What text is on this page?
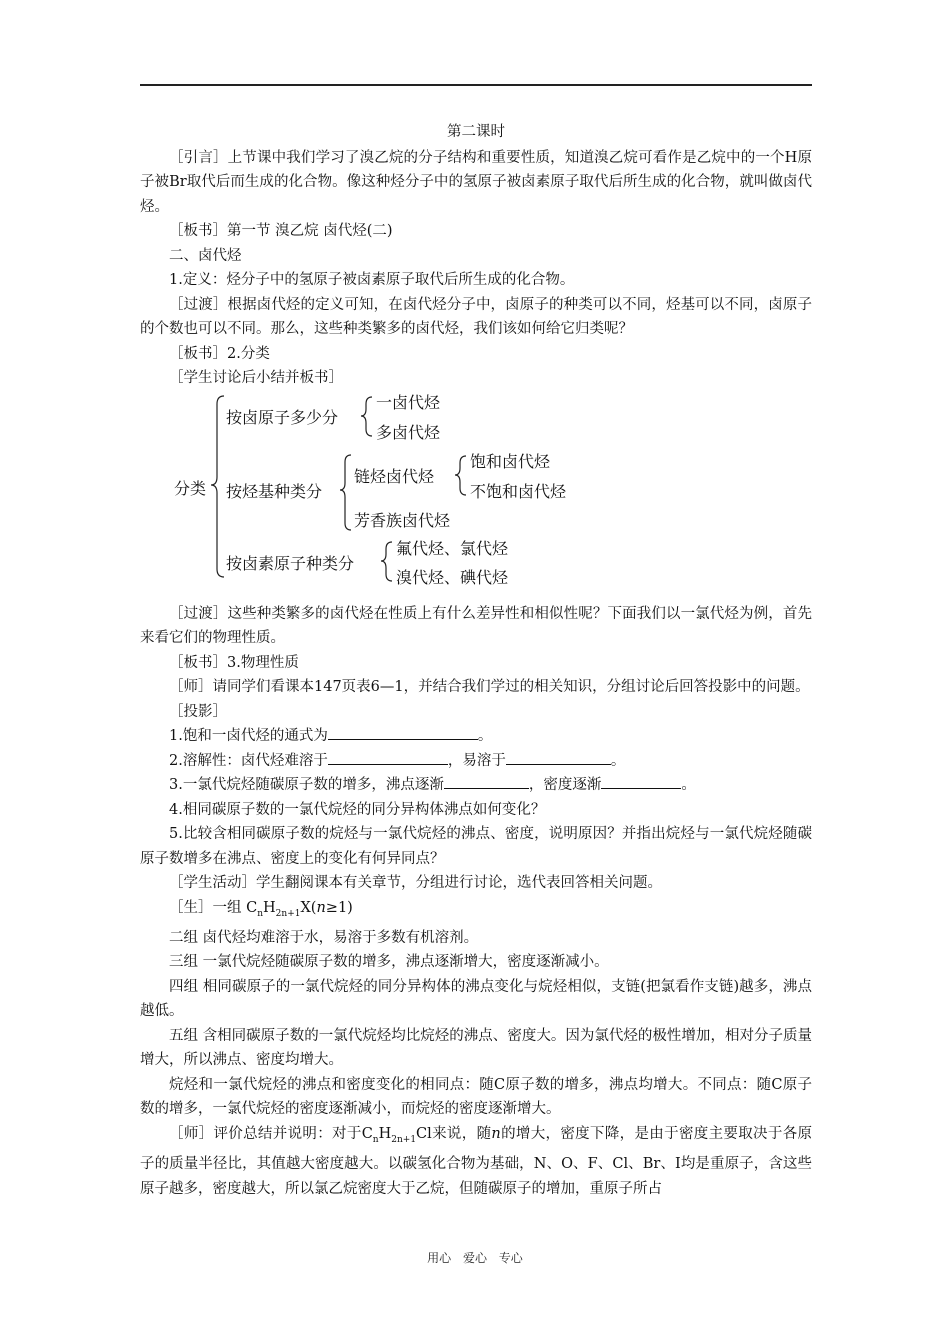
第二课时

［引言］上节课中我们学习了溴乙烷的分子结构和重要性质，知道溴乙烷可看作是乙烷中的一个H原子被Br取代后而生成的化合物。像这种烃分子中的氢原子被卤素原子取代后所生成的化合物，就叫做卤代烃。

［板书］第一节 溴乙烷 卤代烃(二)

二、卤代烃

1.定义：烃分子中的氢原子被卤素原子取代后所生成的化合物。

［过渡］根据卤代烃的定义可知，在卤代烃分子中，卤原子的种类可以不同，烃基可以不同，卤原子的个数也可以不同。那么，这些种类繁多的卤代烃，我们该如何给它归类呢？

［板书］2.分类

［学生讨论后小结并板书］

分类
按卤原子多少分
一卤代烃
多卤代烃
按烃基种类分
链烃卤代烃
饱和卤代烃
不饱和卤代烃
芳香族卤代烃
按卤素原子种类分
氟代烃、氯代烃
溴代烃、碘代烃

［过渡］这些种类繁多的卤代烃在性质上有什么差异性和相似性呢？下面我们以一氯代烃为例，首先来看它们的物理性质。

［板书］3.物理性质

［师］请同学们看课本147页表6—1，并结合我们学过的相关知识，分组讨论后回答投影中的问题。

［投影］

1.饱和一卤代烃的通式为	。

2.溶解性：卤代烃难溶于	，易溶于	。

3.一氯代烷烃随碳原子数的增多，沸点逐渐	，密度逐渐	。

4.相同碳原子数的一氯代烷烃的同分异构体沸点如何变化？

5.比较含相同碳原子数的烷烃与一氯代烷烃的沸点、密度，说明原因？并指出烷烃与一氯代烷烃随碳原子数增多在沸点、密度上的变化有何异同点？

［学生活动］学生翻阅课本有关章节，分组进行讨论，选代表回答相关问题。

［生］一组 $C_nH_{2n+1}X(n\ge 1)$

二组 卤代烃均难溶于水，易溶于多数有机溶剂。

三组 一氯代烷烃随碳原子数的增多，沸点逐渐增大，密度逐渐减小。

四组 相同碳原子的一氯代烷烃的同分异构体的沸点变化与烷烃相似，支链(把氯看作支链)越多，沸点越低。

五组 含相同碳原子数的一氯代烷烃均比烷烃的沸点、密度大。因为氯代烃的极性增加，相对分子质量增大，所以沸点、密度均增大。

烷烃和一氯代烷烃的沸点和密度变化的相同点：随C原子数的增多，沸点均增大。不同点：随C原子数的增多，一氯代烷烃的密度逐渐减小，而烷烃的密度逐渐增大。

［师］评价总结并说明：对于$C_nH_{2n+1}Cl$来说，随n的增大，密度下降，是由于密度主要取决于各原子的质量半径比，其值越大密度越大。以碳氢化合物为基础，N、O、F、Cl、Br、I均是重原子，含这些原子越多，密度越大，所以氯乙烷密度大于乙烷，但随碳原子的增加，重原子所占

用心 爱心 专心
